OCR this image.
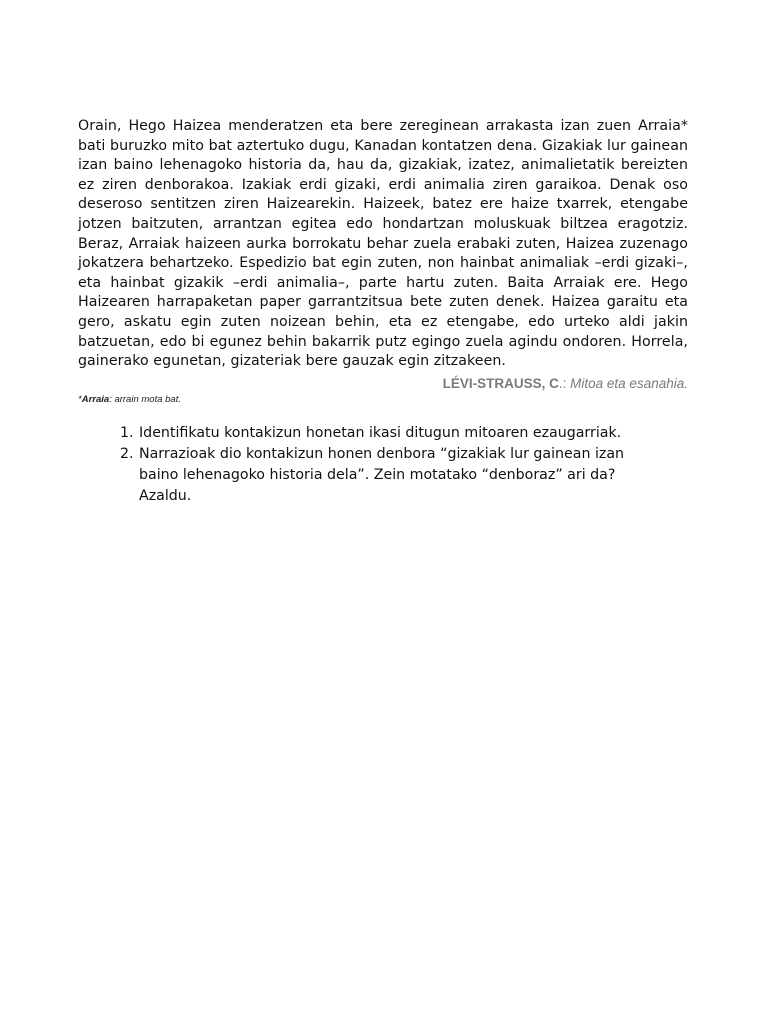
Orain, Hego Haizea menderatzen eta bere zereginean arrakasta izan zuen Arraia* bati buruzko mito bat aztertuko dugu, Kanadan kontatzen dena. Gizakiak lur gainean izan baino lehenagoko historia da, hau da, gizakiak, izatez, animalietatik bereizten ez ziren denborakoa. Izakiak erdi gizaki, erdi animalia ziren garaikoa. Denak oso deseroso sentitzen ziren Haizearekin. Haizeek, batez ere haize txarrek, etengabe jotzen baitzuten, arrantzan egitea edo hondartzan moluskuak biltzea eragotziz. Beraz, Arraiak haizeen aurka borrokatu behar zuela erabaki zuten, Haizea zuzenago jokatzera behartzeko. Espedizio bat egin zuten, non hainbat animaliak –erdi gizaki–, eta hainbat gizakik –erdi animalia–, parte hartu zuten. Baita Arraiak ere. Hego Haizearen harrapaketan paper garrantzitsua bete zuten denek. Haizea garaitu eta gero, askatu egin zuten noizean behin, eta ez etengabe, edo urteko aldi jakin batzuetan, edo bi egunez behin bakarrik putz egingo zuela agindu ondoren. Horrela, gainerako egunetan, gizateriak bere gauzak egin zitzakeen.

LÉVI-STRAUSS, C.: Mitoa eta esanahia.
*Arraia: arrain mota bat.
1. Identifikatu kontakizun honetan ikasi ditugun mitoaren ezaugarriak.
2. Narrazioak dio kontakizun honen denbora “gizakiak lur gainean izan baino lehenagoko historia dela”. Zein motatako “denboraz” ari da? Azaldu.
